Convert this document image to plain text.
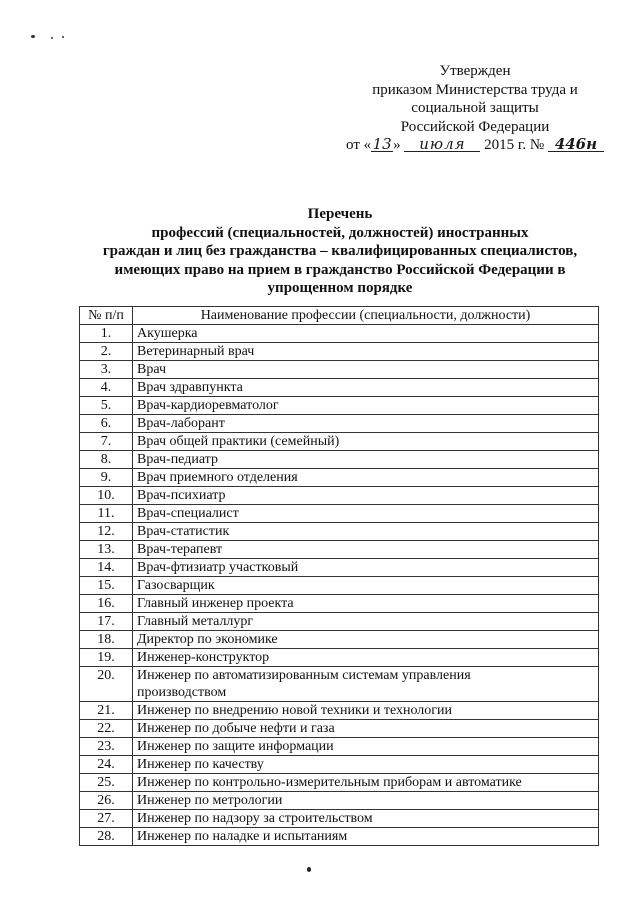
Утвержден
приказом Министерства труда и
социальной защиты
Российской Федерации
от «13» июля 2015 г. № 446н
Перечень
профессий (специальностей, должностей) иностранных
граждан и лиц без гражданства – квалифицированных специалистов,
имеющих право на прием в гражданство Российской Федерации в
упрощенном порядке
№ п/п	Наименование профессии (специальности, должности)
1.	Акушерка
2.	Ветеринарный врач
3.	Врач
4.	Врач здравпункта
5.	Врач-кардиоревматолог
6.	Врач-лаборант
7.	Врач общей практики (семейный)
8.	Врач-педиатр
9.	Врач приемного отделения
10.	Врач-психиатр
11.	Врач-специалист
12.	Врач-статистик
13.	Врач-терапевт
14.	Врач-фтизиатр участковый
15.	Газосварщик
16.	Главный инженер проекта
17.	Главный металлург
18.	Директор по экономике
19.	Инженер-конструктор
20.	Инженер по автоматизированным системам управления
производством
21.	Инженер по внедрению новой техники и технологии
22.	Инженер по добыче нефти и газа
23.	Инженер по защите информации
24.	Инженер по качеству
25.	Инженер по контрольно-измерительным приборам и автоматике
26.	Инженер по метрологии
27.	Инженер по надзору за строительством
28.	Инженер по наладке и испытаниям
